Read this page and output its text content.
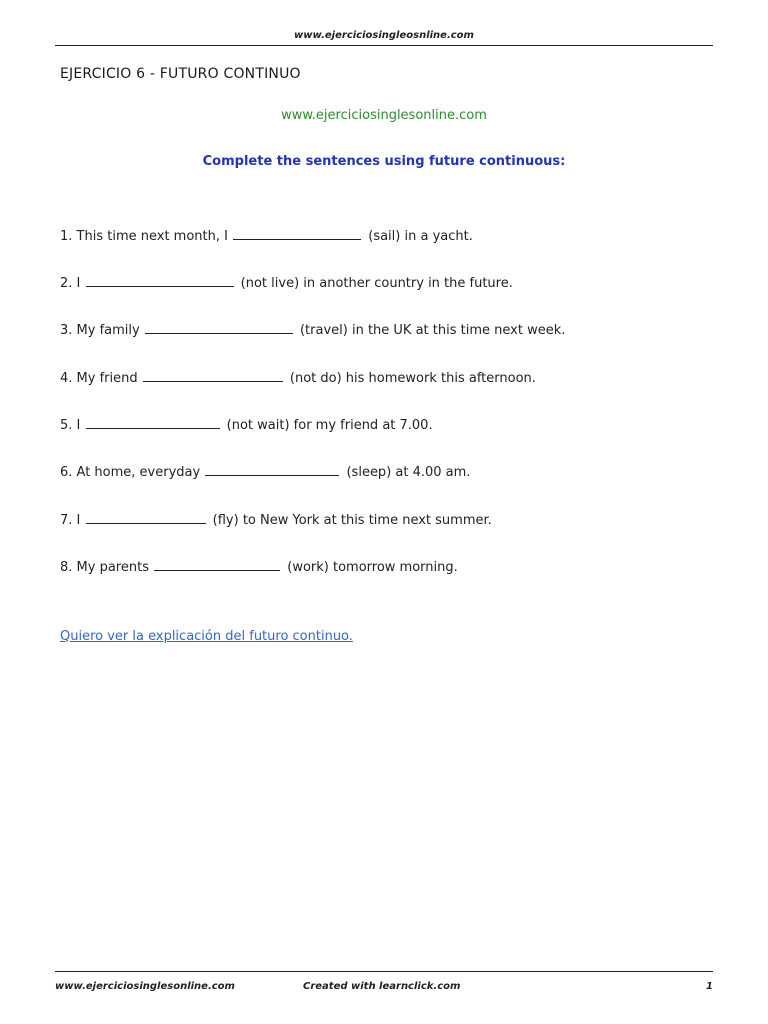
www.ejerciciosingleosnline.com
EJERCICIO 6 - FUTURO CONTINUO
www.ejerciciosinglesonline.com
Complete the sentences using future continuous:
1. This time next month, I	(sail) in a yacht.
2. I	(not live) in another country in the future.
3. My family	(travel) in the UK at this time next week.
4. My friend	(not do) his homework this afternoon.
5. I	(not wait) for my friend at 7.00.
6. At home, everyday	(sleep) at 4.00 am.
7. I	(fly) to New York at this time next summer.
8. My parents	(work) tomorrow morning.
Quiero ver la explicación del futuro continuo.
www.ejerciciosinglesonline.com	Created with learnclick.com	1
